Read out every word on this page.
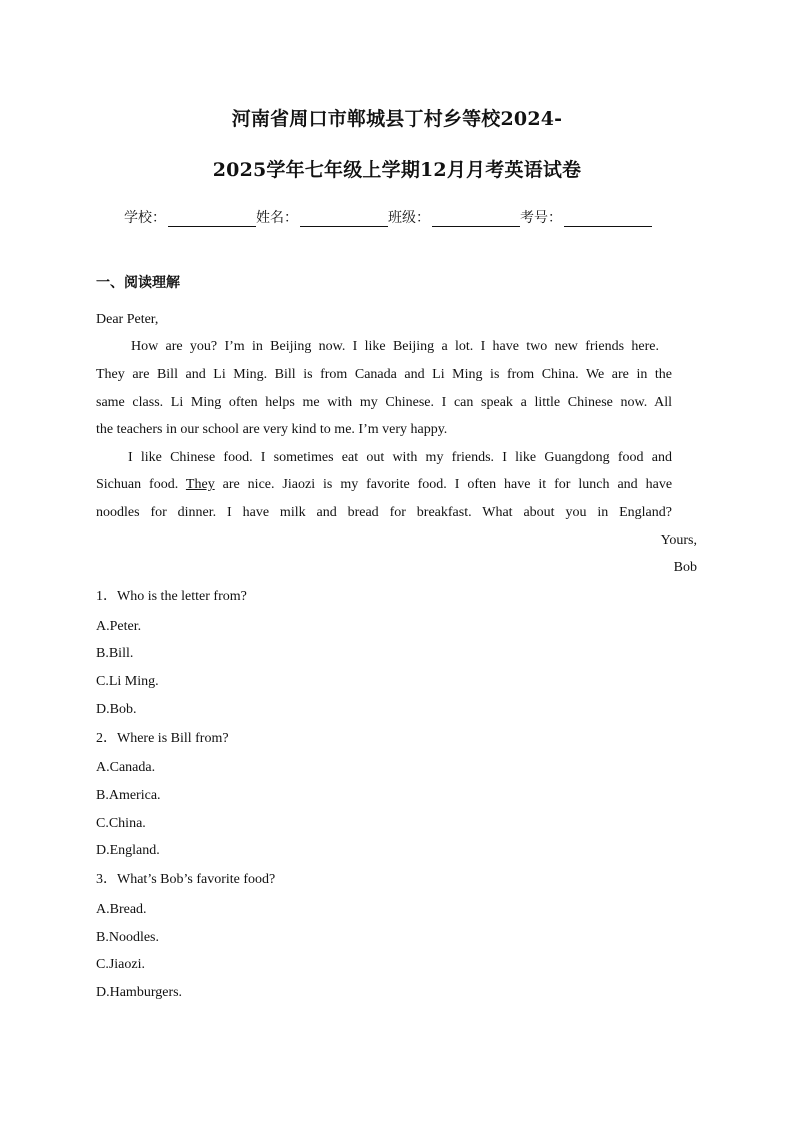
河南省周口市郸城县丁村乡等校2024-
2025学年七年级上学期12月月考英语试卷
学校：	姓名：	班级：	考号：
一、阅读理解
Dear Peter,
How are you? I’m in Beijing now. I like Beijing a lot. I have two new friends here.
They are Bill and Li Ming. Bill is from Canada and Li Ming is from China. We are in the
same class. Li Ming often helps me with my Chinese. I can speak a little Chinese now. All
the teachers in our school are very kind to me. I’m very happy.
I like Chinese food. I sometimes eat out with my friends. I like Guangdong food and
Sichuan food. They are nice. Jiaozi is my favorite food. I often have it for lunch and have
noodles for dinner. I have milk and bread for breakfast. What about you in England?
Yours,
Bob
1．Who is the letter from?
A.Peter.
B.Bill.
C.Li Ming.
D.Bob.
2．Where is Bill from?
A.Canada.
B.America.
C.China.
D.England.
3．What’s Bob’s favorite food?
A.Bread.
B.Noodles.
C.Jiaozi.
D.Hamburgers.
